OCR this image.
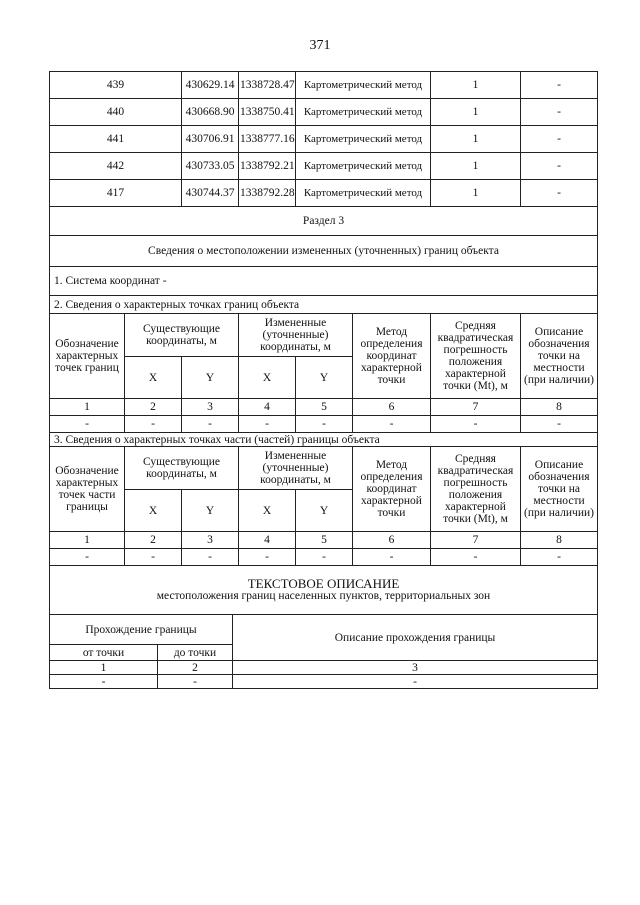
371
439		430629.14	1338728.47	Картометрический метод		1	-
440		430668.90	1338750.41	Картометрический метод		1	-
441		430706.91	1338777.16	Картометрический метод		1	-
442		430733.05	1338792.21	Картометрический метод		1	-
417		430744.37	1338792.28	Картометрический метод		1	-
Раздел 3							
Сведения о местоположении измененных (уточненных) границ объекта							
1. Система координат -							
2. Сведения о характерных точках границ объекта							
Обозначение характерных точек границ	Существующие координаты, м		Измененные (уточненные) координаты, м		Метод определения координат характерной точки	Средняя квадратическая погрешность положения характерной точки (Mt), м	Описание обозначения точки на местности (при наличии)
	X	Y	X	Y			
1	2	3	4	5	6	7	8
-	-	-	-	-	-	-	-
3. Сведения о характерных точках части (частей) границы объекта							
Обозначение характерных точек части границы	Существующие координаты, м		Измененные (уточненные) координаты, м		Метод определения координат характерной точки	Средняя квадратическая погрешность положения характерной точки (Mt), м	Описание обозначения точки на местности (при наличии)
	X	Y	X	Y			
1	2	3	4	5	6	7	8
-	-	-	-	-	-	-	-

ТЕКСТОВОЕ ОПИСАНИЕ
местоположения границ населенных пунктов, территориальных зон							
Прохождение границы		Описание прохождения границы
от точки	до точки	
1	2	3
-	-	-
